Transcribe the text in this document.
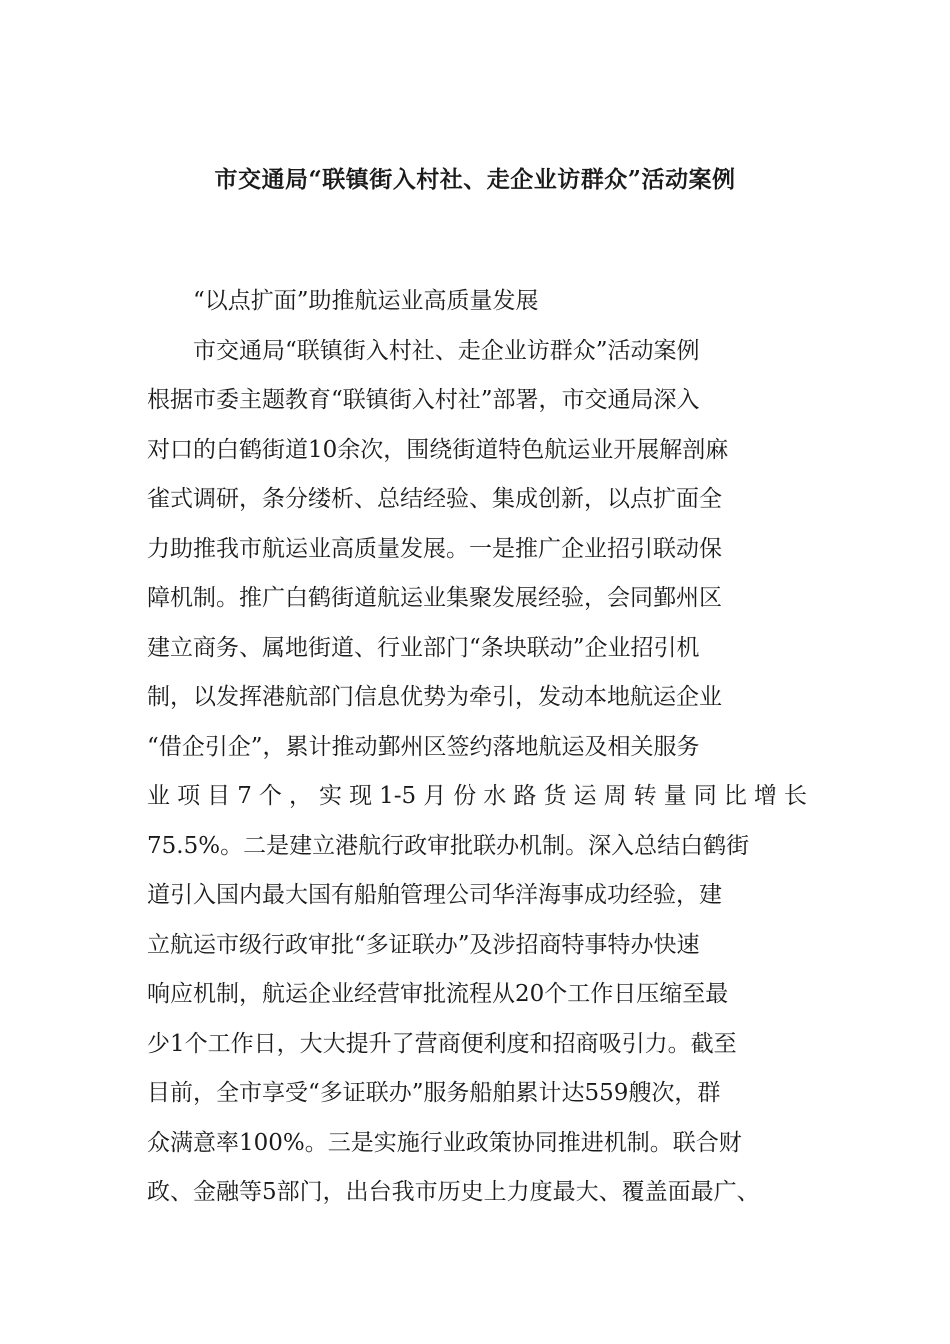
市交通局“联镇街入村社、走企业访群众”活动案例
“以点扩面”助推航运业高质量发展
市交通局“联镇街入村社、走企业访群众”活动案例
根据市委主题教育“联镇街入村社”部署，市交通局深入
对口的白鹤街道10余次，围绕街道特色航运业开展解剖麻
雀式调研，条分缕析、总结经验、集成创新，以点扩面全
力助推我市航运业高质量发展。一是推广企业招引联动保
障机制。推广白鹤街道航运业集聚发展经验，会同鄞州区
建立商务、属地街道、行业部门“条块联动”企业招引机
制，以发挥港航部门信息优势为牵引，发动本地航运企业
“借企引企”，累计推动鄞州区签约落地航运及相关服务
业项目7个，实现1-5月份水路货运周转量同比增长
75.5%。二是建立港航行政审批联办机制。深入总结白鹤街
道引入国内最大国有船舶管理公司华洋海事成功经验，建
立航运市级行政审批“多证联办”及涉招商特事特办快速
响应机制，航运企业经营审批流程从20个工作日压缩至最
少1个工作日，大大提升了营商便利度和招商吸引力。截至
目前，全市享受“多证联办”服务船舶累计达559艘次，群
众满意率100%。三是实施行业政策协同推进机制。联合财
政、金融等5部门，出台我市历史上力度最大、覆盖面最广、
